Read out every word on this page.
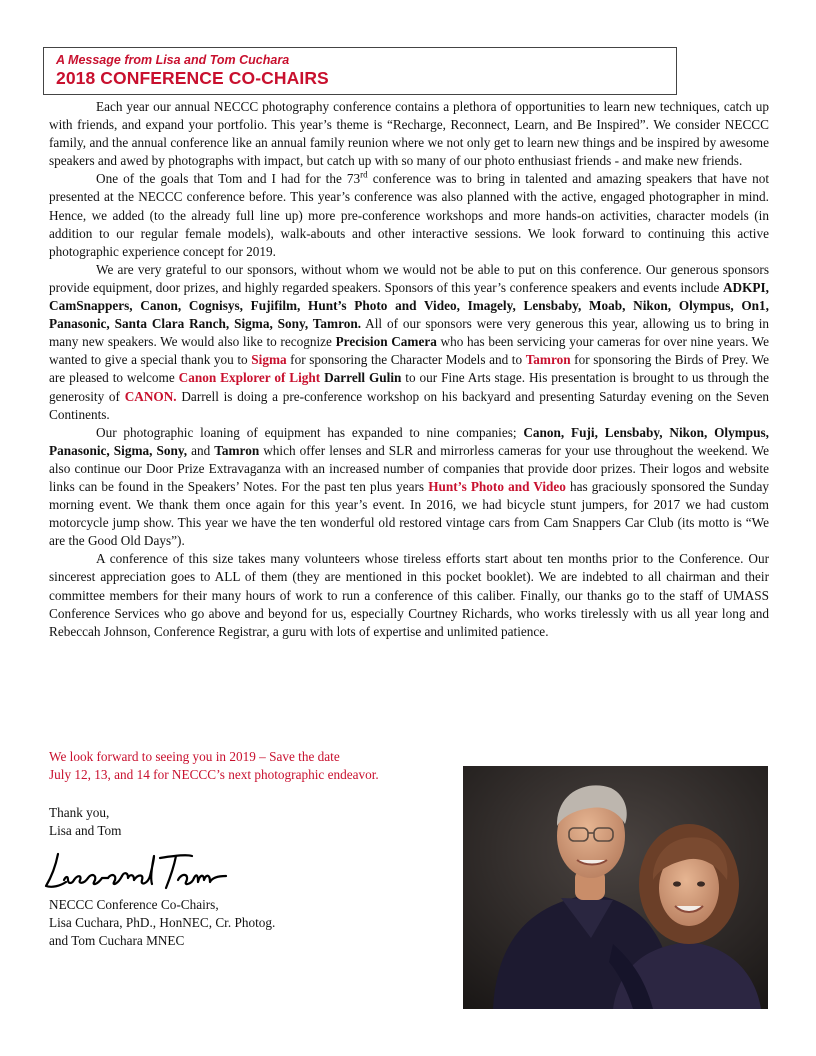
A Message from Lisa and Tom Cuchara
2018 CONFERENCE CO-CHAIRS

Each year our annual NECCC photography conference contains a plethora of opportunities to learn new techniques, catch up with friends, and expand your portfolio. This year’s theme is “Recharge, Reconnect, Learn, and Be Inspired”. We consider NECCC family, and the annual conference like an annual family reunion where we not only get to learn new things and be inspired by awesome speakers and awed by photographs with impact, but catch up with so many of our photo enthusiast friends - and make new friends.

One of the goals that Tom and I had for the 73rd conference was to bring in talented and amazing speakers that have not presented at the NECCC conference before. This year’s conference was also planned with the active, engaged photographer in mind. Hence, we added (to the already full line up) more pre-conference workshops and more hands-on activities, character models (in addition to our regular female models), walk-abouts and other interactive sessions. We look forward to continuing this active photographic experience concept for 2019.

We are very grateful to our sponsors, without whom we would not be able to put on this conference. Our generous sponsors provide equipment, door prizes, and highly regarded speakers. Sponsors of this year’s conference speakers and events include ADKPI, CamSnappers, Canon, Cognisys, Fujifilm, Hunt’s Photo and Video, Imagely, Lensbaby, Moab, Nikon, Olympus, On1, Panasonic, Santa Clara Ranch, Sigma, Sony, Tamron. All of our sponsors were very generous this year, allowing us to bring in many new speakers. We would also like to recognize Precision Camera who has been servicing your cameras for over nine years. We wanted to give a special thank you to Sigma for sponsoring the Character Models and to Tamron for sponsoring the Birds of Prey. We are pleased to welcome Canon Explorer of Light Darrell Gulin to our Fine Arts stage. His presentation is brought to us through the generosity of CANON. Darrell is doing a pre-conference workshop on his backyard and presenting Saturday evening on the Seven Continents.

Our photographic loaning of equipment has expanded to nine companies; Canon, Fuji, Lensbaby, Nikon, Olympus, Panasonic, Sigma, Sony, and Tamron which offer lenses and SLR and mirrorless cameras for your use throughout the weekend. We also continue our Door Prize Extravaganza with an increased number of companies that provide door prizes. Their logos and website links can be found in the Speakers’ Notes. For the past ten plus years Hunt’s Photo and Video has graciously sponsored the Sunday morning event. We thank them once again for this year’s event. In 2016, we had bicycle stunt jumpers, for 2017 we had custom motorcycle jump show. This year we have the ten wonderful old restored vintage cars from Cam Snappers Car Club (its motto is “We are the Good Old Days”).

A conference of this size takes many volunteers whose tireless efforts start about ten months prior to the Conference. Our sincerest appreciation goes to ALL of them (they are mentioned in this pocket booklet). We are indebted to all chairman and their committee members for their many hours of work to run a conference of this caliber. Finally, our thanks go to the staff of UMASS Conference Services who go above and beyond for us, especially Courtney Richards, who works tirelessly with us all year long and Rebeccah Johnson, Conference Registrar, a guru with lots of expertise and unlimited patience.

We look forward to seeing you in 2019 – Save the date
July 12, 13, and 14 for NECCC’s next photographic endeavor.
Thank you,
Lisa and Tom
NECCC Conference Co-Chairs,
Lisa Cuchara, PhD., HonNEC, Cr. Photog.
and Tom Cuchara MNEC
